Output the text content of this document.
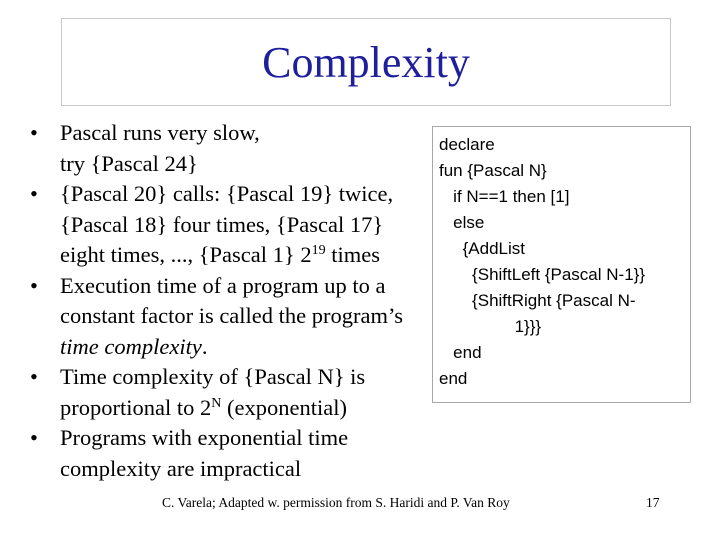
Complexity
• Pascal runs very slow,
try {Pascal 24}
• {Pascal 20} calls: {Pascal 19} twice,
{Pascal 18} four times, {Pascal 17}
eight times, ..., {Pascal 1} $2^{19}$ times
• Execution time of a program up to a
constant factor is called the program’s
time complexity.
• Time complexity of {Pascal N} is
proportional to $2^N$ (exponential)
• Programs with exponential time
complexity are impractical
declare
fun {Pascal N}
if N==1 then [1]
else
{AddList
{ShiftLeft {Pascal N-1}}
{ShiftRight {Pascal N-
1}}}
end
end
C. Varela; Adapted w. permission from S. Haridi and P. Van Roy	17
